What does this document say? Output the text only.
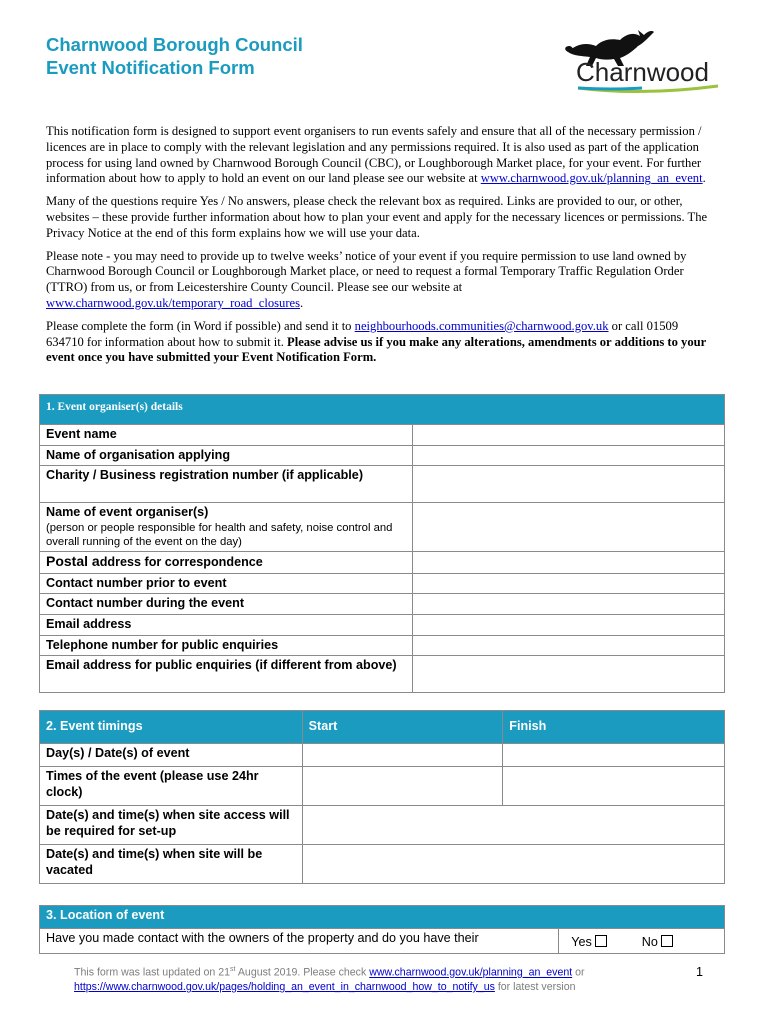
Charnwood Borough Council
Event Notification Form	Charnwood

This notification form is designed to support event organisers to run events safely and ensure that all of the necessary permission / licences are in place to comply with the relevant legislation and any permissions required. It is also used as part of the application process for using land owned by Charnwood Borough Council (CBC), or Loughborough Market place, for your event. For further information about how to apply to hold an event on our land please see our website at www.charnwood.gov.uk/planning_an_event.

Many of the questions require Yes / No answers, please check the relevant box as required. Links are provided to our, or other, websites – these provide further information about how to plan your event and apply for the necessary licences or permissions. The Privacy Notice at the end of this form explains how we will use your data.

Please note - you may need to provide up to twelve weeks’ notice of your event if you require permission to use land owned by Charnwood Borough Council or Loughborough Market place, or need to request a formal Temporary Traffic Regulation Order (TTRO) from us, or from Leicestershire County Council. Please see our website at www.charnwood.gov.uk/temporary_road_closures.

Please complete the form (in Word if possible) and send it to neighbourhoods.communities@charnwood.gov.uk or call 01509 634710 for information about how to submit it. Please advise us if you make any alterations, amendments or additions to your event once you have submitted your Event Notification Form.

1. Event organiser(s) details	
Event name	
Name of organisation applying	
Charity / Business registration number (if applicable)	
Name of event organiser(s)
(person or people responsible for health and safety, noise control and overall running of the event on the day)	

Postal address for correspondence	
Contact number prior to event	
Contact number during the event	
Email address	
Telephone number for public enquiries	
Email address for public enquiries (if different from above)	
2. Event timings	Start	Finish
Day(s) / Date(s) of event		
Times of the event (please use 24hr clock)		
Date(s) and time(s) when site access will be required for set-up		
Date(s) and time(s) when site will be vacated		
3. Location of event
Have you made contact with the owners of the property and do you have their	Yes	No
This form was last updated on 21st August 2019. Please check www.charnwood.gov.uk/planning_an_event or
https://www.charnwood.gov.uk/pages/holding_an_event_in_charnwood_how_to_notify_us for latest version
1
